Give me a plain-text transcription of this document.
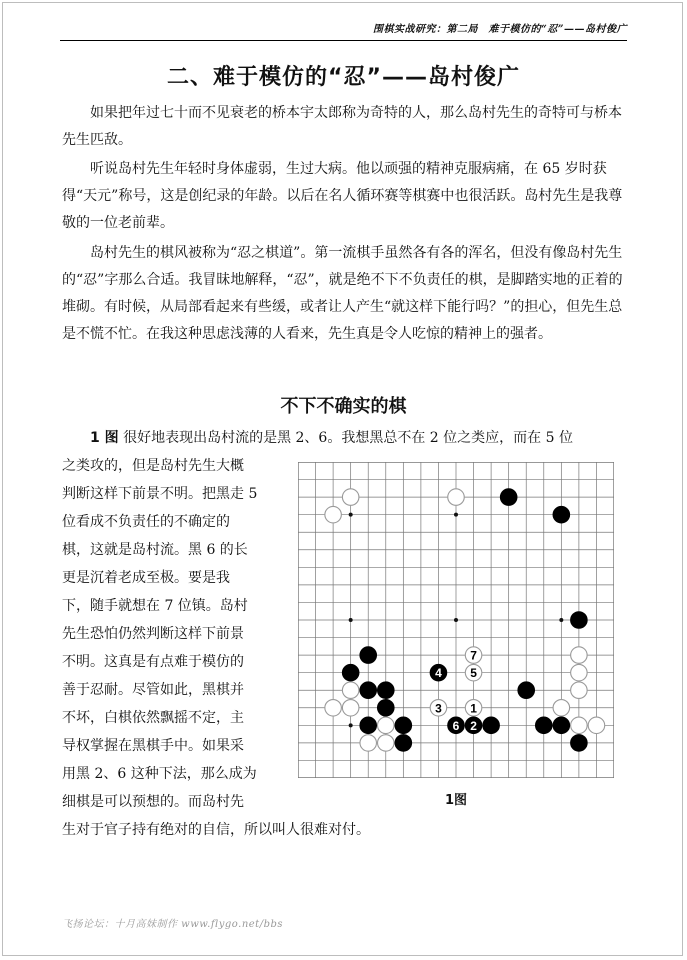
围棋实战研究：第二局　难于模仿的“忍”——岛村俊广
二、难于模仿的“忍”——岛村俊广

如果把年过七十而不见衰老的桥本宇太郎称为奇特的人，那么岛村先生的奇特可与桥本先生匹敌。

听说岛村先生年轻时身体虚弱，生过大病。他以顽强的精神克服病痛，在 65 岁时获得“天元”称号，这是创纪录的年龄。以后在名人循环赛等棋赛中也很活跃。岛村先生是我尊敬的一位老前辈。

岛村先生的棋风被称为“忍之棋道”。第一流棋手虽然各有各的浑名，但没有像岛村先生的“忍”字那么合适。我冒昧地解释，“忍”，就是绝不下不负责任的棋，是脚踏实地的正着的堆砌。有时候，从局部看起来有些缓，或者让人产生“就这样下能行吗？”的担心，但先生总是不慌不忙。在我这种思虑浅薄的人看来，先生真是令人吃惊的精神上的强者。

不下不确实的棋
1 图 很好地表现出岛村流的是黑 2、6。我想黑总不在 2 位之类应，而在 5 位
之类攻的，但是岛村先生大概
判断这样下前景不明。把黑走 5
位看成不负责任的不确定的
棋，这就是岛村流。黑 6 的长
更是沉着老成至极。要是我
下，随手就想在 7 位镇。岛村
先生恐怕仍然判断这样下前景
不明。这真是有点难于模仿的
善于忍耐。尽管如此，黑棋并
不坏，白棋依然飘摇不定，主
导权掌握在黑棋手中。如果采
用黑 2、6 这种下法，那么成为
细棋是可以预想的。而岛村先
生对于官子持有绝对的自信，所以叫人很难对付。
4 5
7
3 1
6 2
1图
飞扬论坛：十月高妹制作 www.flygo.net/bbs
